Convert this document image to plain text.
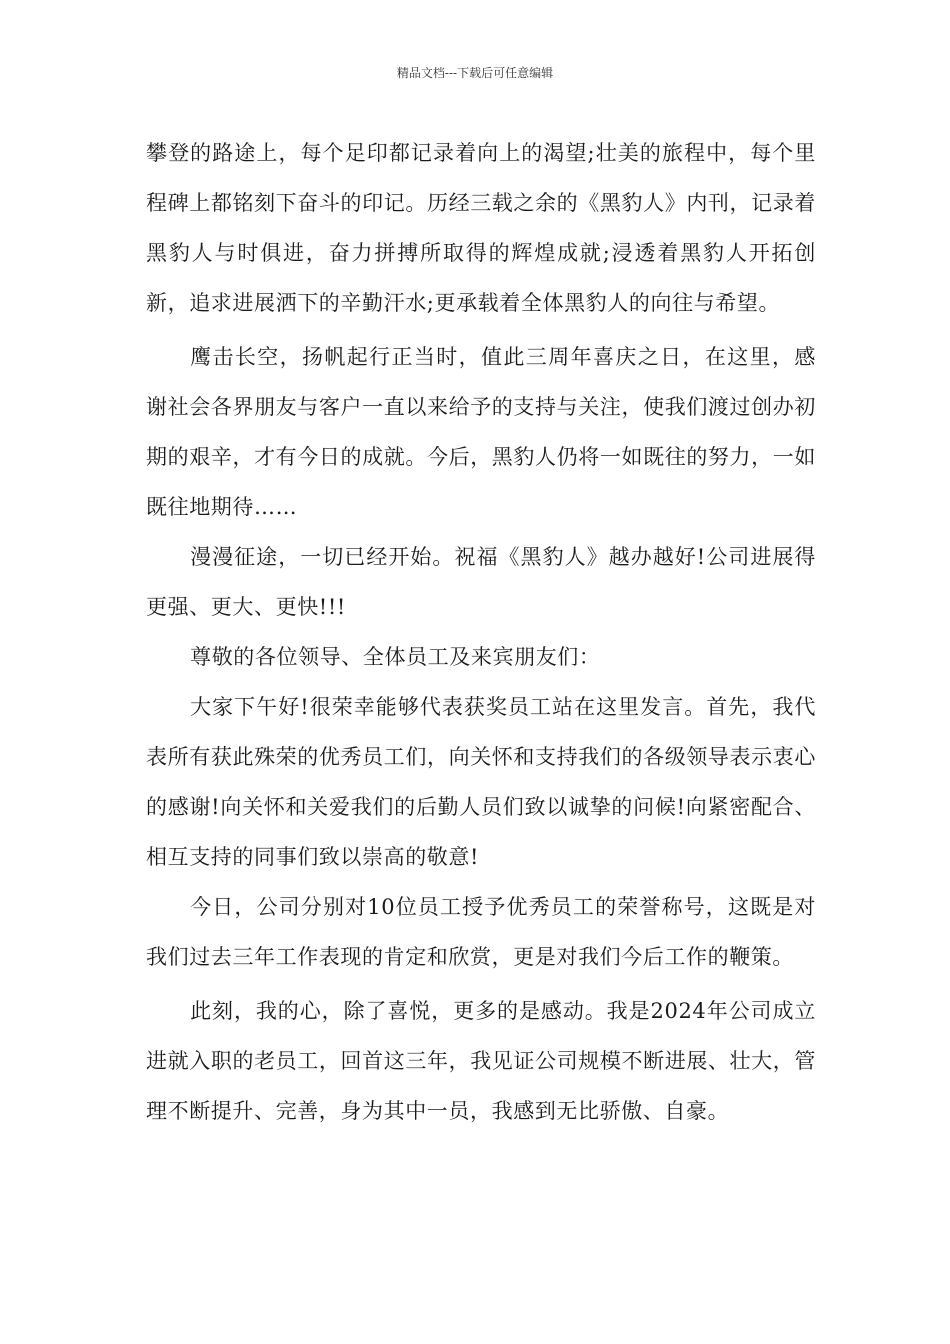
精品文档---下载后可任意编辑

攀登的路途上，每个足印都记录着向上的渴望;壮美的旅程中，每个里程碑上都铭刻下奋斗的印记。历经三载之余的《黑豹人》内刊，记录着黑豹人与时俱进，奋力拼搏所取得的辉煌成就;浸透着黑豹人开拓创新，追求进展洒下的辛勤汗水;更承载着全体黑豹人的向往与希望。

鹰击长空，扬帆起行正当时，值此三周年喜庆之日，在这里，感谢社会各界朋友与客户一直以来给予的支持与关注，使我们渡过创办初期的艰辛，才有今日的成就。今后，黑豹人仍将一如既往的努力，一如既往地期待……

漫漫征途，一切已经开始。祝福《黑豹人》越办越好!公司进展得更强、更大、更快!!!

尊敬的各位领导、全体员工及来宾朋友们：

大家下午好!很荣幸能够代表获奖员工站在这里发言。首先，我代表所有获此殊荣的优秀员工们，向关怀和支持我们的各级领导表示衷心的感谢!向关怀和关爱我们的后勤人员们致以诚挚的问候!向紧密配合、相互支持的同事们致以崇高的敬意!

今日，公司分别对10位员工授予优秀员工的荣誉称号，这既是对我们过去三年工作表现的肯定和欣赏，更是对我们今后工作的鞭策。

此刻，我的心，除了喜悦，更多的是感动。我是2024年公司成立进就入职的老员工，回首这三年，我见证公司规模不断进展、壮大，管理不断提升、完善，身为其中一员，我感到无比骄傲、自豪。
